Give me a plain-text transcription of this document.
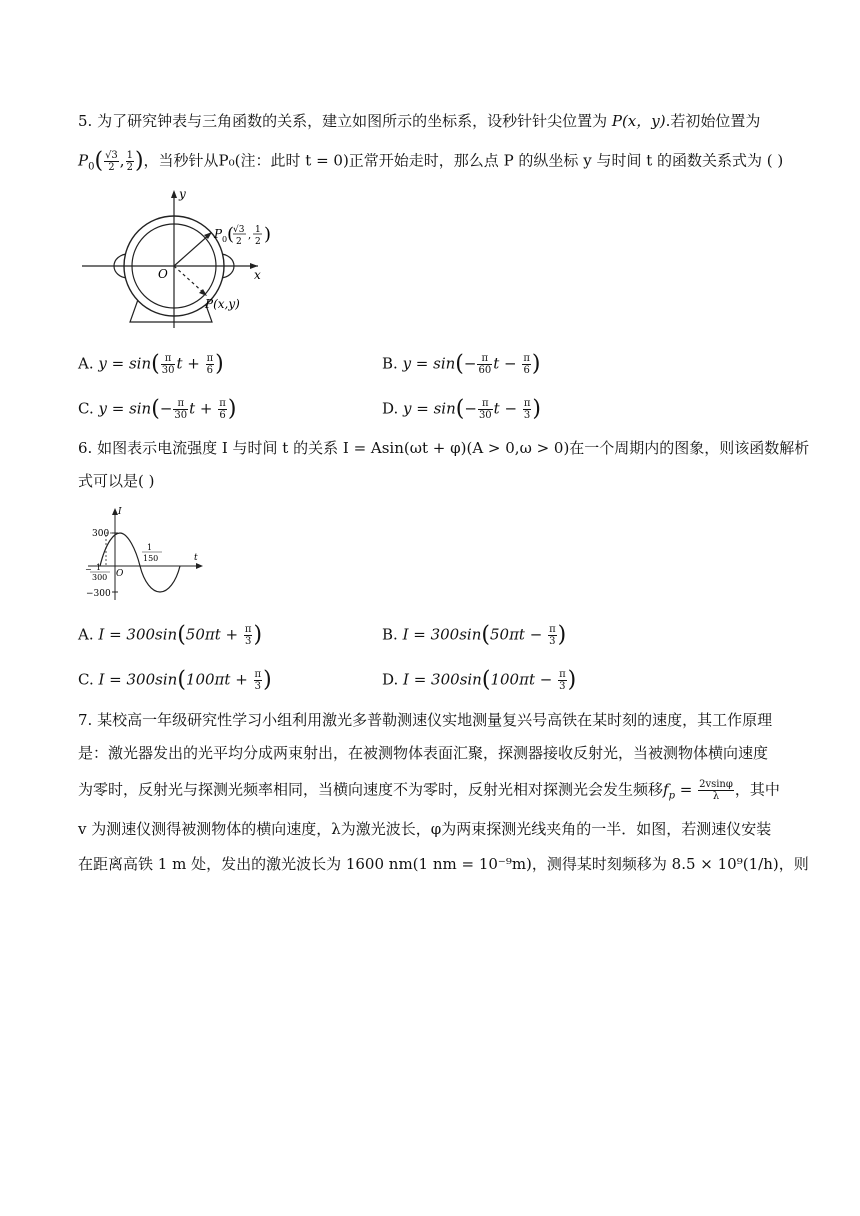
5. 为了研究钟表与三角函数的关系，建立如图所示的坐标系，设秒针针尖位置为 P(x，y).若初始位置为
$P_0( \frac{√3}{2}$ , $\frac{1}{2}$ )，当秒针从P₀(注：此时 t = 0)正常开始走时，那么点 P 的纵坐标 y 与时间 t 的函数关系式为 ( )
y
x
O
P 0 (
√3
2
, 1
2 )
P(x,y)
A. $y = \sin( \frac{\pi}{30}$ $t + \frac{\pi}{6}$ )	B. $y = \sin(- \frac{\pi}{60}$ $t - \frac{\pi}{6}$ )
C. $y = \sin(- \frac{\pi}{30}$ $t + \frac{\pi}{6}$ )	D. $y = \sin(- \frac{\pi}{30}$ $t - \frac{\pi}{3}$ )
6. 如图表示电流强度 I 与时间 t 的关系 I = Asin(ωt + φ)(A > 0,ω > 0)在一个周期内的图象，则该函数解析
式可以是( )
I
t
O
300
−300
− 1
300
1
150
A. $I = 300\sin(50\pi t + \frac{\pi}{3}$ )	B. $I = 300\sin(50\pi t - \frac{\pi}{3}$ )
C. $I = 300\sin(100\pi t + \frac{\pi}{3}$ )	D. $I = 300\sin(100\pi t - \frac{\pi}{3}$ )
7. 某校高一年级研究性学习小组利用激光多普勒测速仪实地测量复兴号高铁在某时刻的速度，其工作原理
是：激光器发出的光平均分成两束射出，在被测物体表面汇聚，探测器接收反射光，当被测物体横向速度
为零时，反射光与探测光频率相同，当横向速度不为零时，反射光相对探测光会发生频移$f_p = \frac{2vsin\varphi}{\lambda}$ ，其中
v 为测速仪测得被测物体的横向速度，λ为激光波长，φ为两束探测光线夹角的一半．如图，若测速仪安装
在距离高铁 1 m 处，发出的激光波长为 1600 nm(1 nm = 10⁻⁹m)，测得某时刻频移为 8.5 × 10⁹(1/h)，则
